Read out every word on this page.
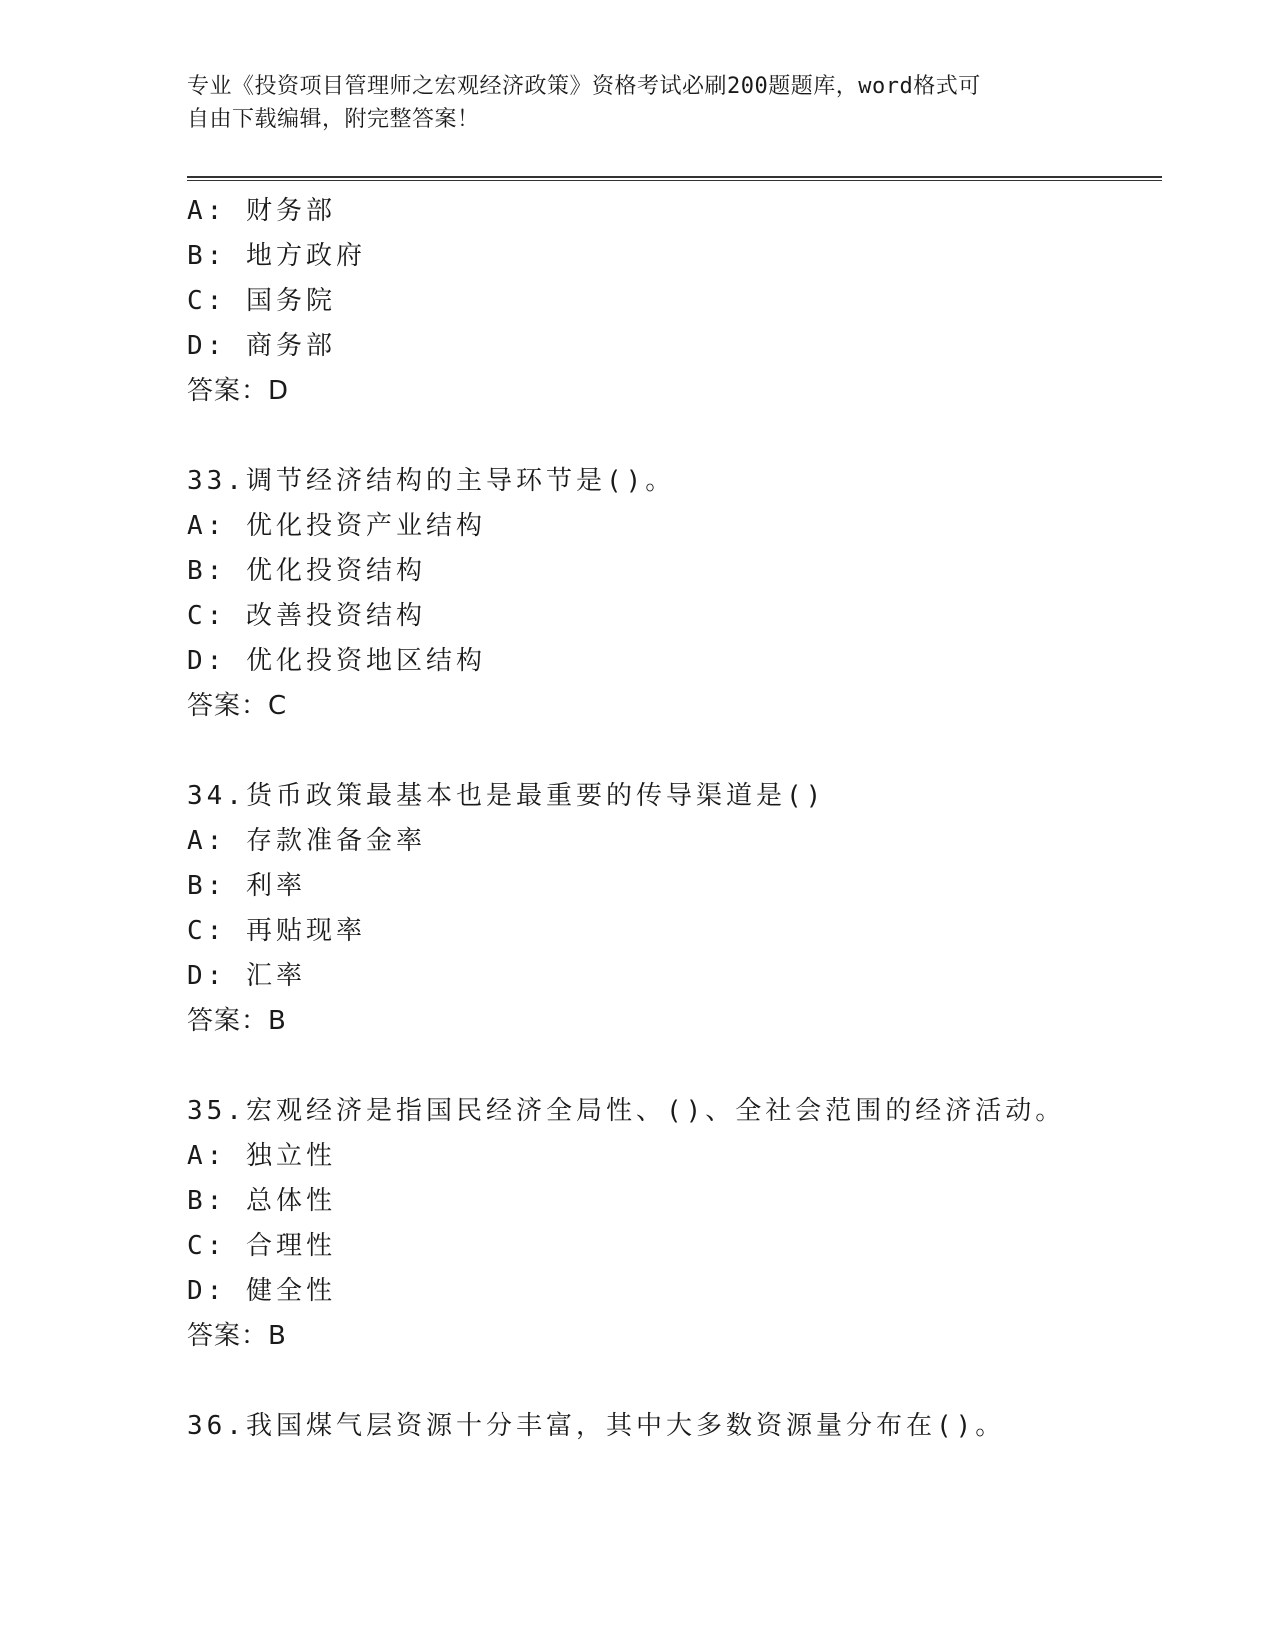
专业《投资项目管理师之宏观经济政策》资格考试必刷200题题库，word格式可

自由下载编辑，附完整答案！

A: 财务部
B: 地方政府
C: 国务院
D: 商务部
答案：D
33.调节经济结构的主导环节是()。
A: 优化投资产业结构
B: 优化投资结构
C: 改善投资结构
D: 优化投资地区结构
答案：C
34.货币政策最基本也是最重要的传导渠道是()
A: 存款准备金率
B: 利率
C: 再贴现率
D: 汇率
答案：B
35.宏观经济是指国民经济全局性、()、全社会范围的经济活动。
A: 独立性
B: 总体性
C: 合理性
D: 健全性
答案：B
36.我国煤气层资源十分丰富，其中大多数资源量分布在()。
